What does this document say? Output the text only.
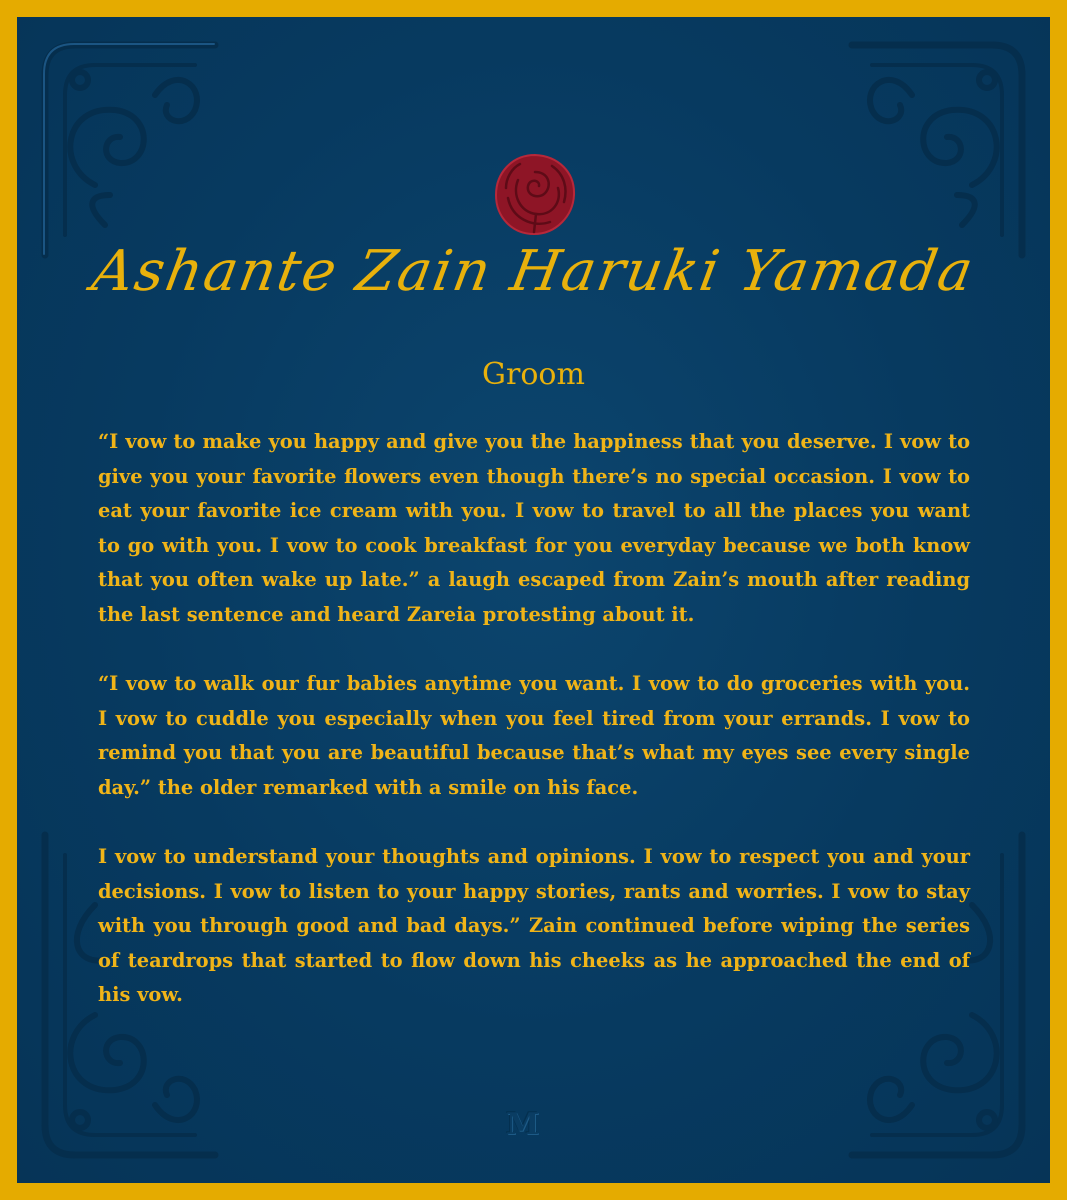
Ashante Zain Haruki Yamada
Groom

“I vow to make you happy and give you the happiness that you deserve. I vow to give you your favorite flowers even though there’s no special occasion. I vow to eat your favorite ice cream with you. I vow to travel to all the places you want to go with you. I vow to cook breakfast for you everyday because we both know that you often wake up late.” a laugh escaped from Zain’s mouth after reading the last sentence and heard Zareia protesting about it.

“I vow to walk our fur babies anytime you want. I vow to do groceries with you. I vow to cuddle you especially when you feel tired from your errands. I vow to remind you that you are beautiful because that’s what my eyes see every single day.” the older remarked with a smile on his face.

I vow to understand your thoughts and opinions. I vow to respect you and your decisions. I vow to listen to your happy stories, rants and worries. I vow to stay with you through good and bad days.” Zain continued before wiping the series of teardrops that started to flow down his cheeks as he approached the end of his vow.

M
